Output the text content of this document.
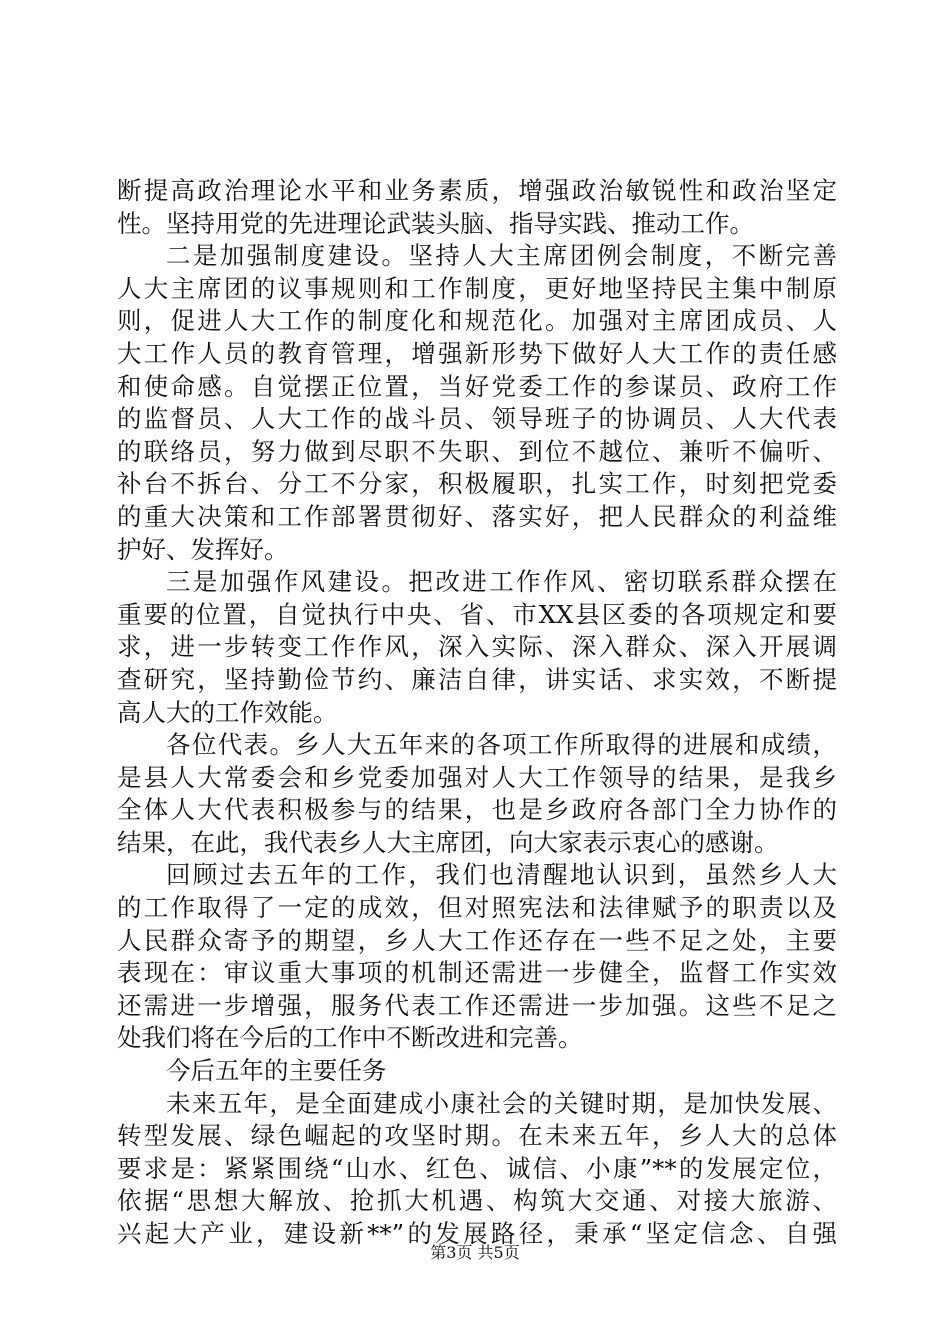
断提高政治理论水平和业务素质，增强政治敏锐性和政治坚定
性。坚持用党的先进理论武装头脑、指导实践、推动工作。
二是加强制度建设。坚持人大主席团例会制度，不断完善
人大主席团的议事规则和工作制度，更好地坚持民主集中制原
则，促进人大工作的制度化和规范化。加强对主席团成员、人
大工作人员的教育管理，增强新形势下做好人大工作的责任感
和使命感。自觉摆正位置，当好党委工作的参谋员、政府工作
的监督员、人大工作的战斗员、领导班子的协调员、人大代表
的联络员，努力做到尽职不失职、到位不越位、兼听不偏听、
补台不拆台、分工不分家，积极履职，扎实工作，时刻把党委
的重大决策和工作部署贯彻好、落实好，把人民群众的利益维
护好、发挥好。
三是加强作风建设。把改进工作作风、密切联系群众摆在
重要的位置，自觉执行中央、省、市XX县区委的各项规定和要
求，进一步转变工作作风，深入实际、深入群众、深入开展调
查研究，坚持勤俭节约、廉洁自律，讲实话、求实效，不断提
高人大的工作效能。
各位代表。乡人大五年来的各项工作所取得的进展和成绩，
是县人大常委会和乡党委加强对人大工作领导的结果，是我乡
全体人大代表积极参与的结果，也是乡政府各部门全力协作的
结果，在此，我代表乡人大主席团，向大家表示衷心的感谢。
回顾过去五年的工作，我们也清醒地认识到，虽然乡人大
的工作取得了一定的成效，但对照宪法和法律赋予的职责以及
人民群众寄予的期望，乡人大工作还存在一些不足之处，主要
表现在：审议重大事项的机制还需进一步健全，监督工作实效
还需进一步增强，服务代表工作还需进一步加强。这些不足之
处我们将在今后的工作中不断改进和完善。
今后五年的主要任务
未来五年，是全面建成小康社会的关键时期，是加快发展、
转型发展、绿色崛起的攻坚时期。在未来五年，乡人大的总体
要求是：紧紧围绕“山水、红色、诚信、小康”**的发展定位，
依据“思想大解放、抢抓大机遇、构筑大交通、对接大旅游、
兴起大产业，建设新**”的发展路径，秉承“坚定信念、自强
第3页 共5页
